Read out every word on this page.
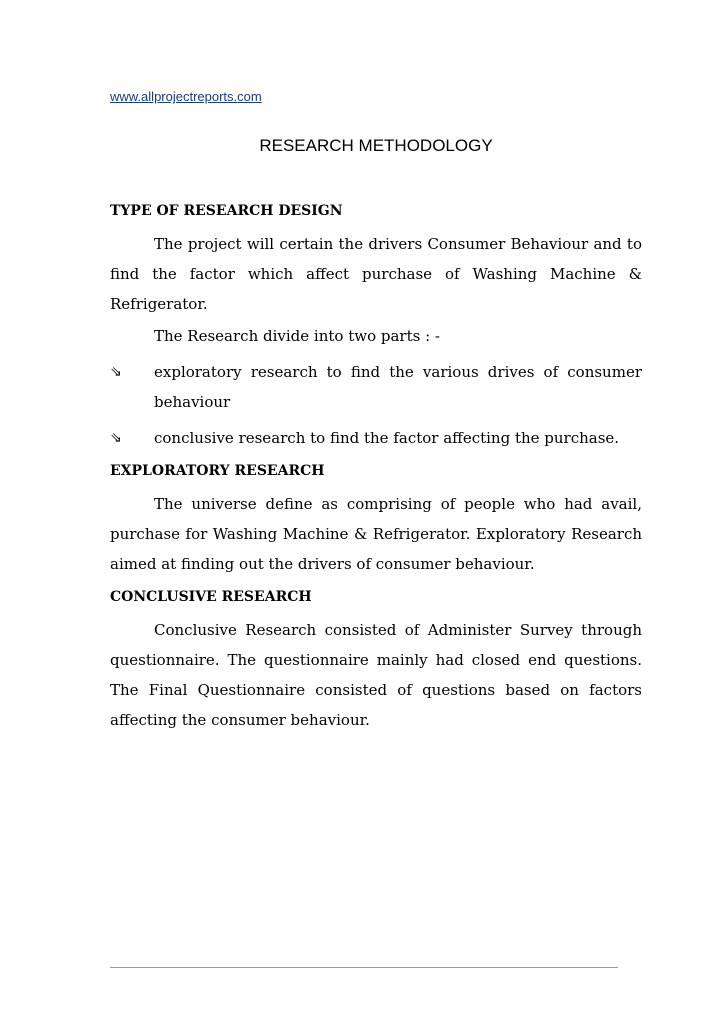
www.allprojectreports.com
RESEARCH METHODOLOGY
TYPE OF RESEARCH DESIGN

The project will certain the drivers Consumer Behaviour and to find the factor which affect purchase of Washing Machine & Refrigerator.

The Research divide into two parts : -

⇘	exploratory research to find the various drives of consumer behaviour
⇘	conclusive research to find the factor affecting the purchase.
EXPLORATORY RESEARCH

The universe define as comprising of people who had avail, purchase for Washing Machine & Refrigerator. Exploratory Research aimed at finding out the drivers of consumer behaviour.

CONCLUSIVE RESEARCH

Conclusive Research consisted of Administer Survey through questionnaire. The questionnaire mainly had closed end questions. The Final Questionnaire consisted of questions based on factors affecting the consumer behaviour.
